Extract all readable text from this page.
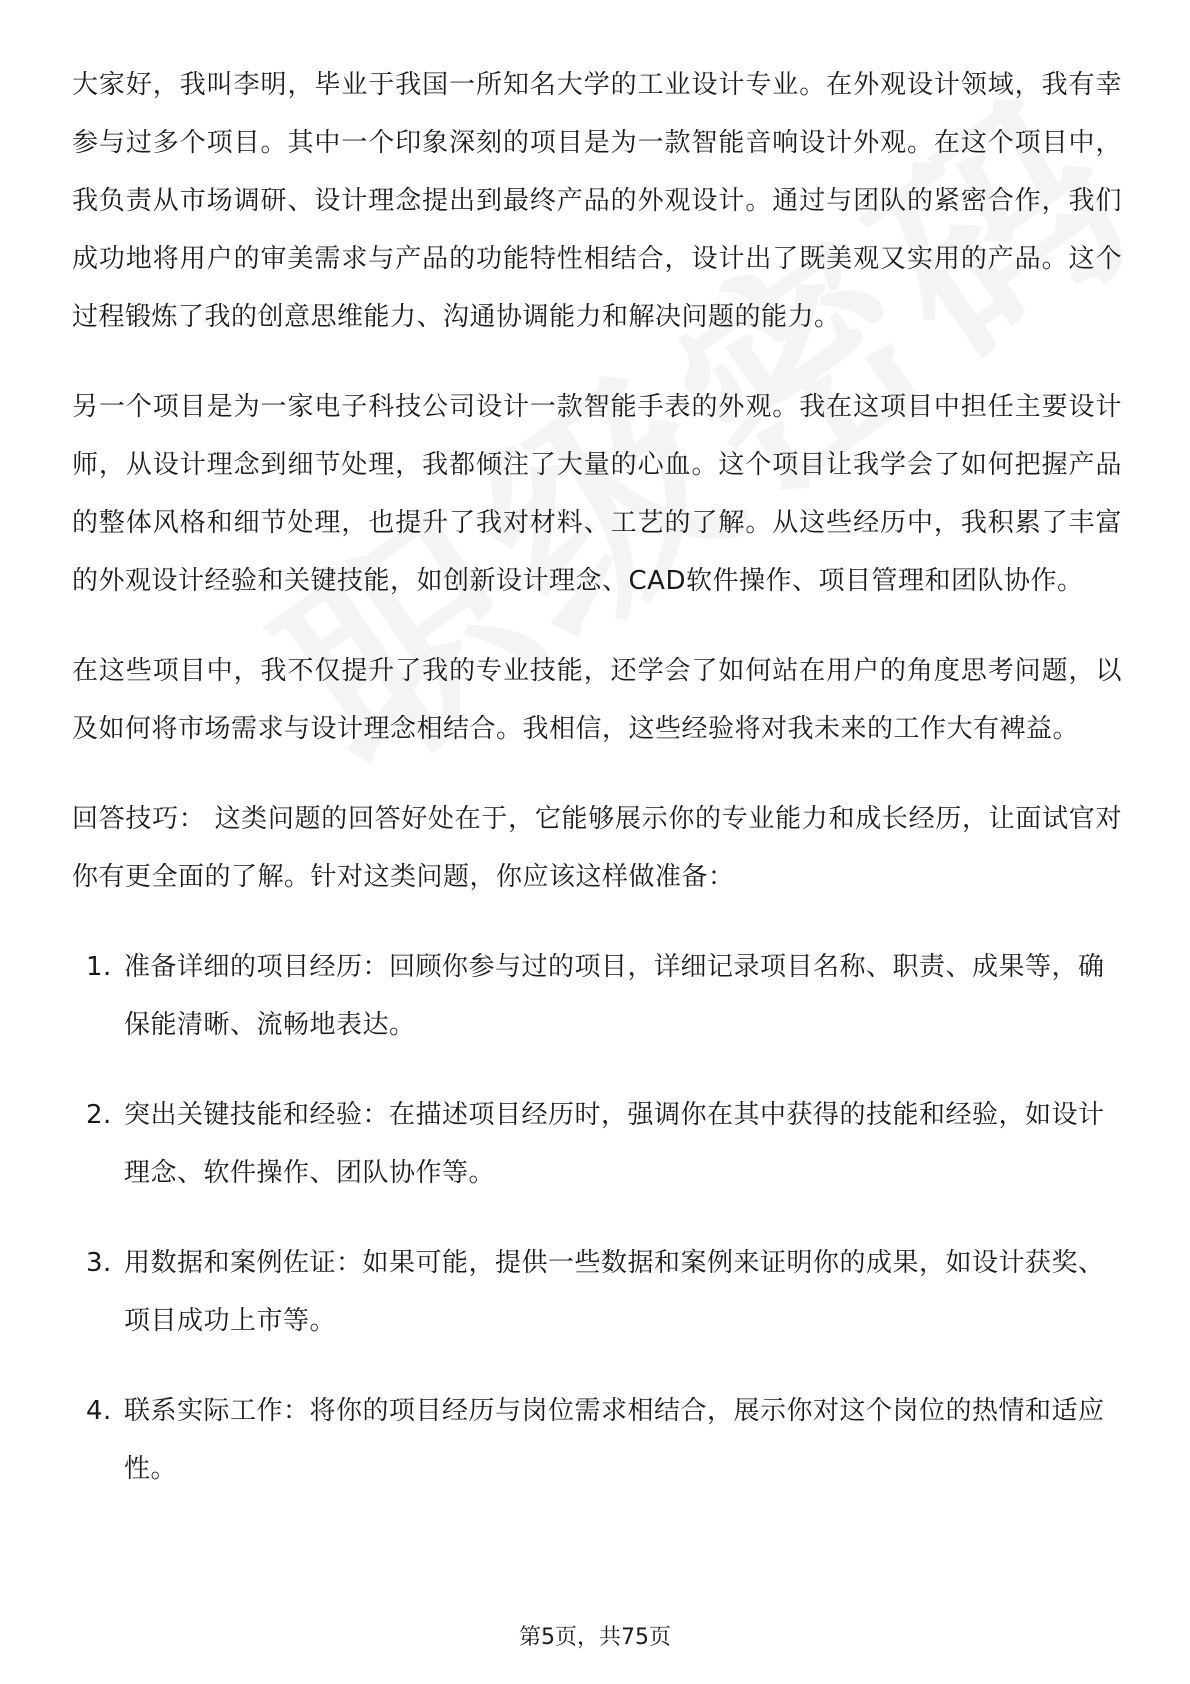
大家好，我叫李明，毕业于我国一所知名大学的工业设计专业。在外观设计领域，我有幸参与过多个项目。其中一个印象深刻的项目是为一款智能音响设计外观。在这个项目中，我负责从市场调研、设计理念提出到最终产品的外观设计。通过与团队的紧密合作，我们成功地将用户的审美需求与产品的功能特性相结合，设计出了既美观又实用的产品。这个过程锻炼了我的创意思维能力、沟通协调能力和解决问题的能力。

另一个项目是为一家电子科技公司设计一款智能手表的外观。我在这项目中担任主要设计师，从设计理念到细节处理，我都倾注了大量的心血。这个项目让我学会了如何把握产品的整体风格和细节处理，也提升了我对材料、工艺的了解。从这些经历中，我积累了丰富的外观设计经验和关键技能，如创新设计理念、CAD软件操作、项目管理和团队协作。

在这些项目中，我不仅提升了我的专业技能，还学会了如何站在用户的角度思考问题，以及如何将市场需求与设计理念相结合。我相信，这些经验将对我未来的工作大有裨益。

回答技巧： 这类问题的回答好处在于，它能够展示你的专业能力和成长经历，让面试官对你有更全面的了解。针对这类问题，你应该这样做准备：

1. 准备详细的项目经历：回顾你参与过的项目，详细记录项目名称、职责、成果等，确保能清晰、流畅地表达。
2. 突出关键技能和经验：在描述项目经历时，强调你在其中获得的技能和经验，如设计理念、软件操作、团队协作等。
3. 用数据和案例佐证：如果可能，提供一些数据和案例来证明你的成果，如设计获奖、项目成功上市等。
4. 联系实际工作：将你的项目经历与岗位需求相结合，展示你对这个岗位的热情和适应性。
第5页，共75页
